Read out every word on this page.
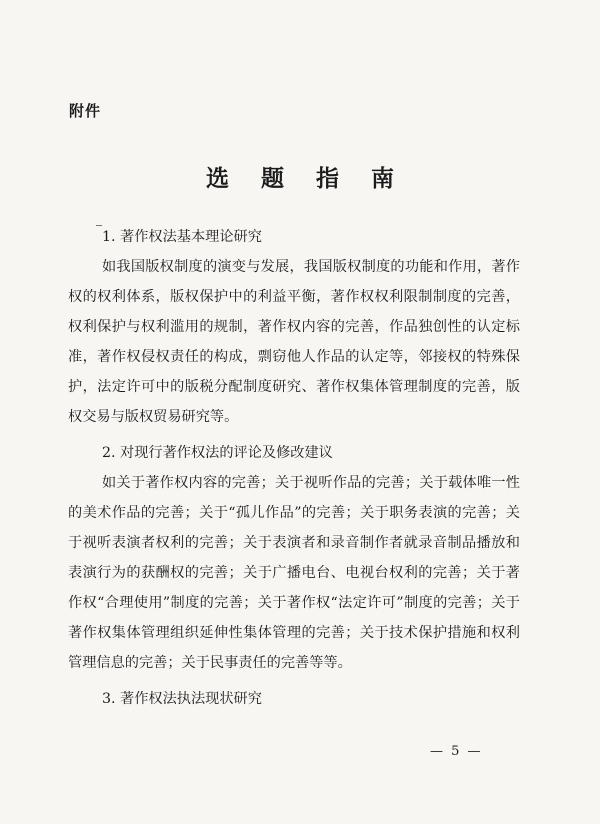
附件
选 题 指 南

1. 著作权法基本理论研究

如我国版权制度的演变与发展，我国版权制度的功能和作用，著作权的权利体系，版权保护中的利益平衡，著作权权利限制制度的完善，权利保护与权利滥用的规制，著作权内容的完善，作品独创性的认定标准，著作权侵权责任的构成，剽窃他人作品的认定等，邻接权的特殊保护，法定许可中的版税分配制度研究、著作权集体管理制度的完善，版权交易与版权贸易研究等。

2. 对现行著作权法的评论及修改建议

如关于著作权内容的完善；关于视听作品的完善；关于载体唯一性的美术作品的完善；关于“孤儿作品”的完善；关于职务表演的完善；关于视听表演者权利的完善；关于表演者和录音制作者就录音制品播放和表演行为的获酬权的完善；关于广播电台、电视台权利的完善；关于著作权“合理使用”制度的完善；关于著作权“法定许可”制度的完善；关于著作权集体管理组织延伸性集体管理的完善；关于技术保护措施和权利管理信息的完善；关于民事责任的完善等等。

3. 著作权法执法现状研究

— 5 —
